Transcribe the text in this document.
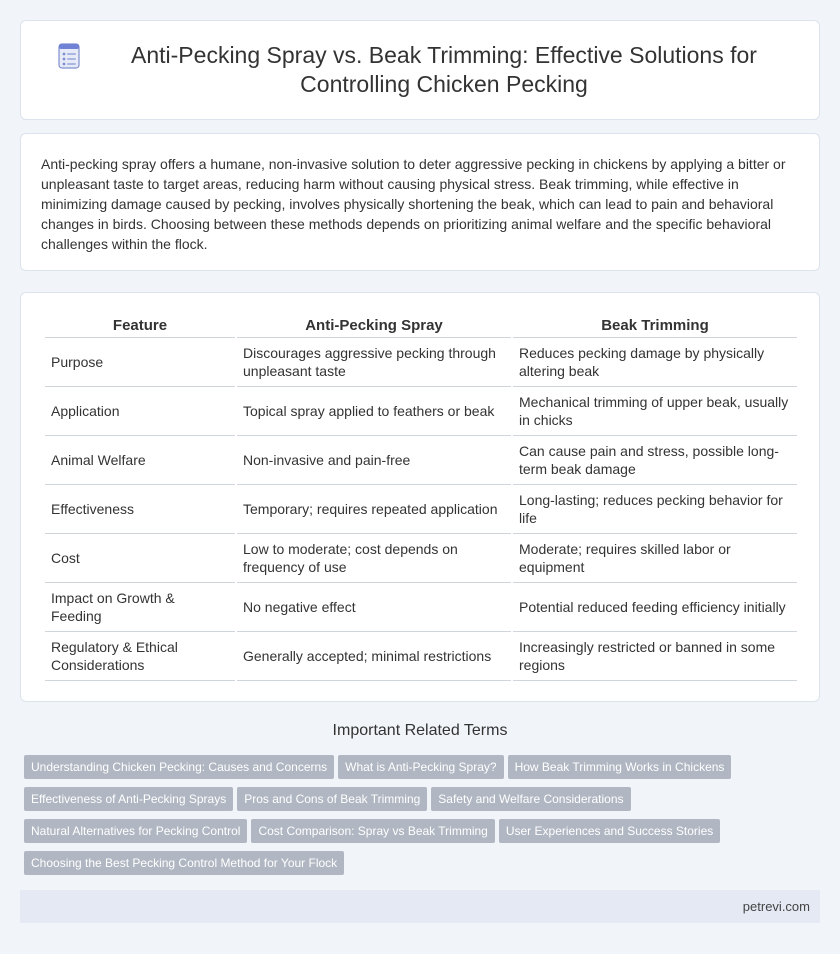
Anti-Pecking Spray vs. Beak Trimming: Effective Solutions for Controlling Chicken Pecking

Anti-pecking spray offers a humane, non-invasive solution to deter aggressive pecking in chickens by applying a bitter or unpleasant taste to target areas, reducing harm without causing physical stress. Beak trimming, while effective in minimizing damage caused by pecking, involves physically shortening the beak, which can lead to pain and behavioral changes in birds. Choosing between these methods depends on prioritizing animal welfare and the specific behavioral challenges within the flock.

Feature	Anti-Pecking Spray	Beak Trimming
Purpose	Discourages aggressive pecking through unpleasant taste	Reduces pecking damage by physically altering beak
Application	Topical spray applied to feathers or beak	Mechanical trimming of upper beak, usually in chicks
Animal Welfare	Non-invasive and pain-free	Can cause pain and stress, possible long-term beak damage
Effectiveness	Temporary; requires repeated application	Long-lasting; reduces pecking behavior for life
Cost	Low to moderate; cost depends on frequency of use	Moderate; requires skilled labor or equipment
Impact on Growth & Feeding	No negative effect	Potential reduced feeding efficiency initially
Regulatory & Ethical Considerations	Generally accepted; minimal restrictions	Increasingly restricted or banned in some regions
Important Related Terms
Understanding Chicken Pecking: Causes and Concerns What is Anti-Pecking Spray? How Beak Trimming Works in Chickens
Effectiveness of Anti-Pecking Sprays Pros and Cons of Beak Trimming Safety and Welfare Considerations
Natural Alternatives for Pecking Control Cost Comparison: Spray vs Beak Trimming User Experiences and Success Stories
Choosing the Best Pecking Control Method for Your Flock
petrevi.com
